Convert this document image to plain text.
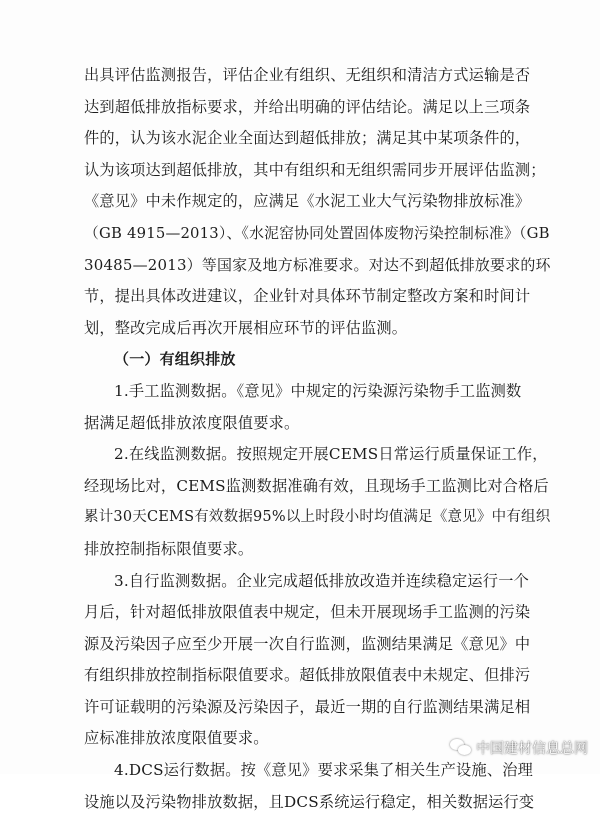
出具评估监测报告，评估企业有组织、无组织和清洁方式运输是否
达到超低排放指标要求，并给出明确的评估结论。满足以上三项条
件的，认为该水泥企业全面达到超低排放；满足其中某项条件的，
认为该项达到超低排放，其中有组织和无组织需同步开展评估监测；
《意见》中未作规定的，应满足《水泥工业大气污染物排放标准》
（GB 4915—2013）、《水泥窑协同处置固体废物污染控制标准》（GB
30485—2013）等国家及地方标准要求。对达不到超低排放要求的环
节，提出具体改进建议，企业针对具体环节制定整改方案和时间计
划，整改完成后再次开展相应环节的评估监测。
（一）有组织排放
1.手工监测数据。《意见》中规定的污染源污染物手工监测数
据满足超低排放浓度限值要求。
2.在线监测数据。按照规定开展CEMS日常运行质量保证工作，
经现场比对，CEMS监测数据准确有效，且现场手工监测比对合格后
累计30天CEMS有效数据95%以上时段小时均值满足《意见》中有组织
排放控制指标限值要求。
3.自行监测数据。企业完成超低排放改造并连续稳定运行一个
月后，针对超低排放限值表中规定，但未开展现场手工监测的污染
源及污染因子应至少开展一次自行监测，监测结果满足《意见》中
有组织排放控制指标限值要求。超低排放限值表中未规定、但排污
许可证载明的污染源及污染因子，最近一期的自行监测结果满足相
应标准排放浓度限值要求。
4.DCS运行数据。按《意见》要求采集了相关生产设施、治理
设施以及污染物排放数据，且DCS系统运行稳定，相关数据运行变
中国建材信息总网
